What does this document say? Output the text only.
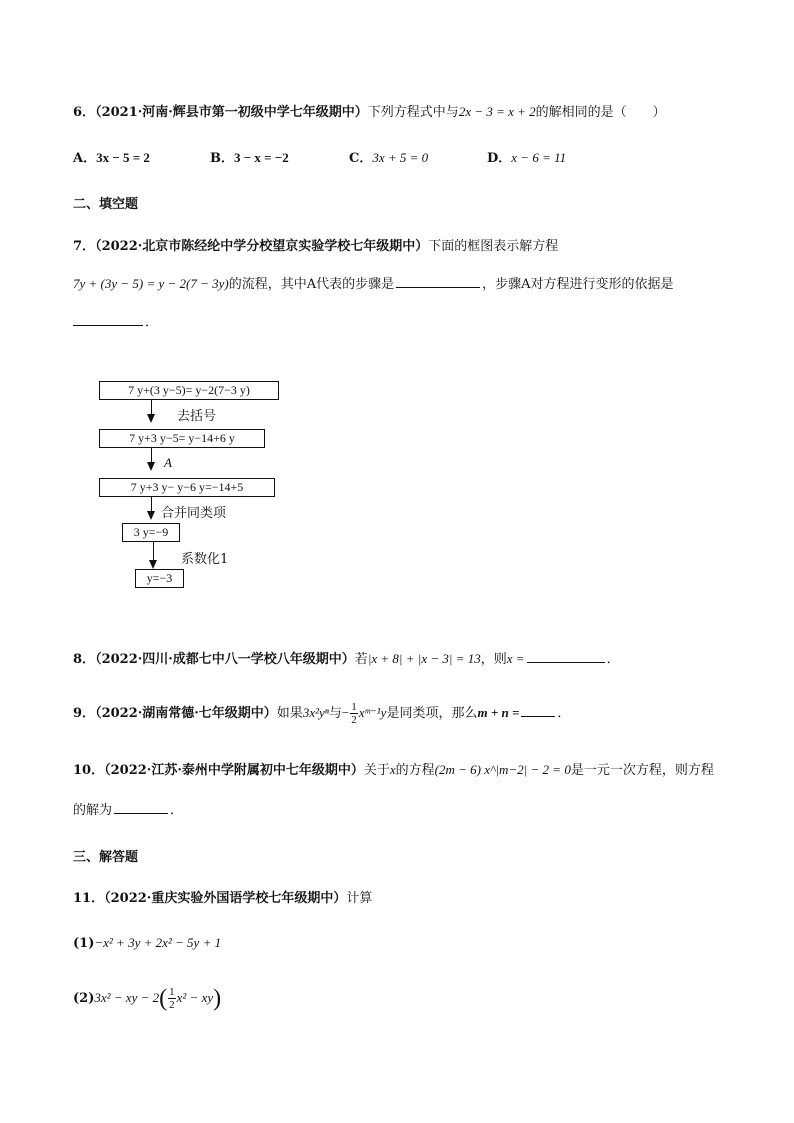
6．（2021·河南·辉县市第一初级中学七年级期中）下列方程式中与2x − 3 = x + 2的解相同的是（　　）
A．3x − 5 = 2	B．3 − x = −2	C．3x + 5 = 0	D．x − 6 = 11
二、填空题
7．（2022·北京市陈经纶中学分校望京实验学校七年级期中）下面的框图表示解方程
7y + (3y − 5) = y − 2(7 − 3y)的流程，其中A代表的步骤是	，步骤A对方程进行变形的依据是
．
7 y+(3 y−5)= y−2(7−3 y)
去括号
7 y+3 y−5= y−14+6 y
A
7 y+3 y− y−6 y=−14+5
合并同类项
3 y=−9
系数化1
y=−3
8．（2022·四川·成都七中八一学校八年级期中）若|x + 8| + |x − 3| = 13，则x =	．
9．（2022·湖南常德·七年级期中）如果3x²yⁿ与− $\frac{1}{2}$ xᵐ⁻¹y是同类项，那么m + n =	．
10．（2022·江苏·泰州中学附属初中七年级期中）关于x的方程(2m − 6) x^|m−2| − 2 = 0是一元一次方程，则方程
的解为	．
三、解答题
11．（2022·重庆实验外国语学校七年级期中）计算
(1)−x² + 3y + 2x² − 5y + 1
(2)3x² − xy − $2( \frac{1}{2} x^2 - xy)$
